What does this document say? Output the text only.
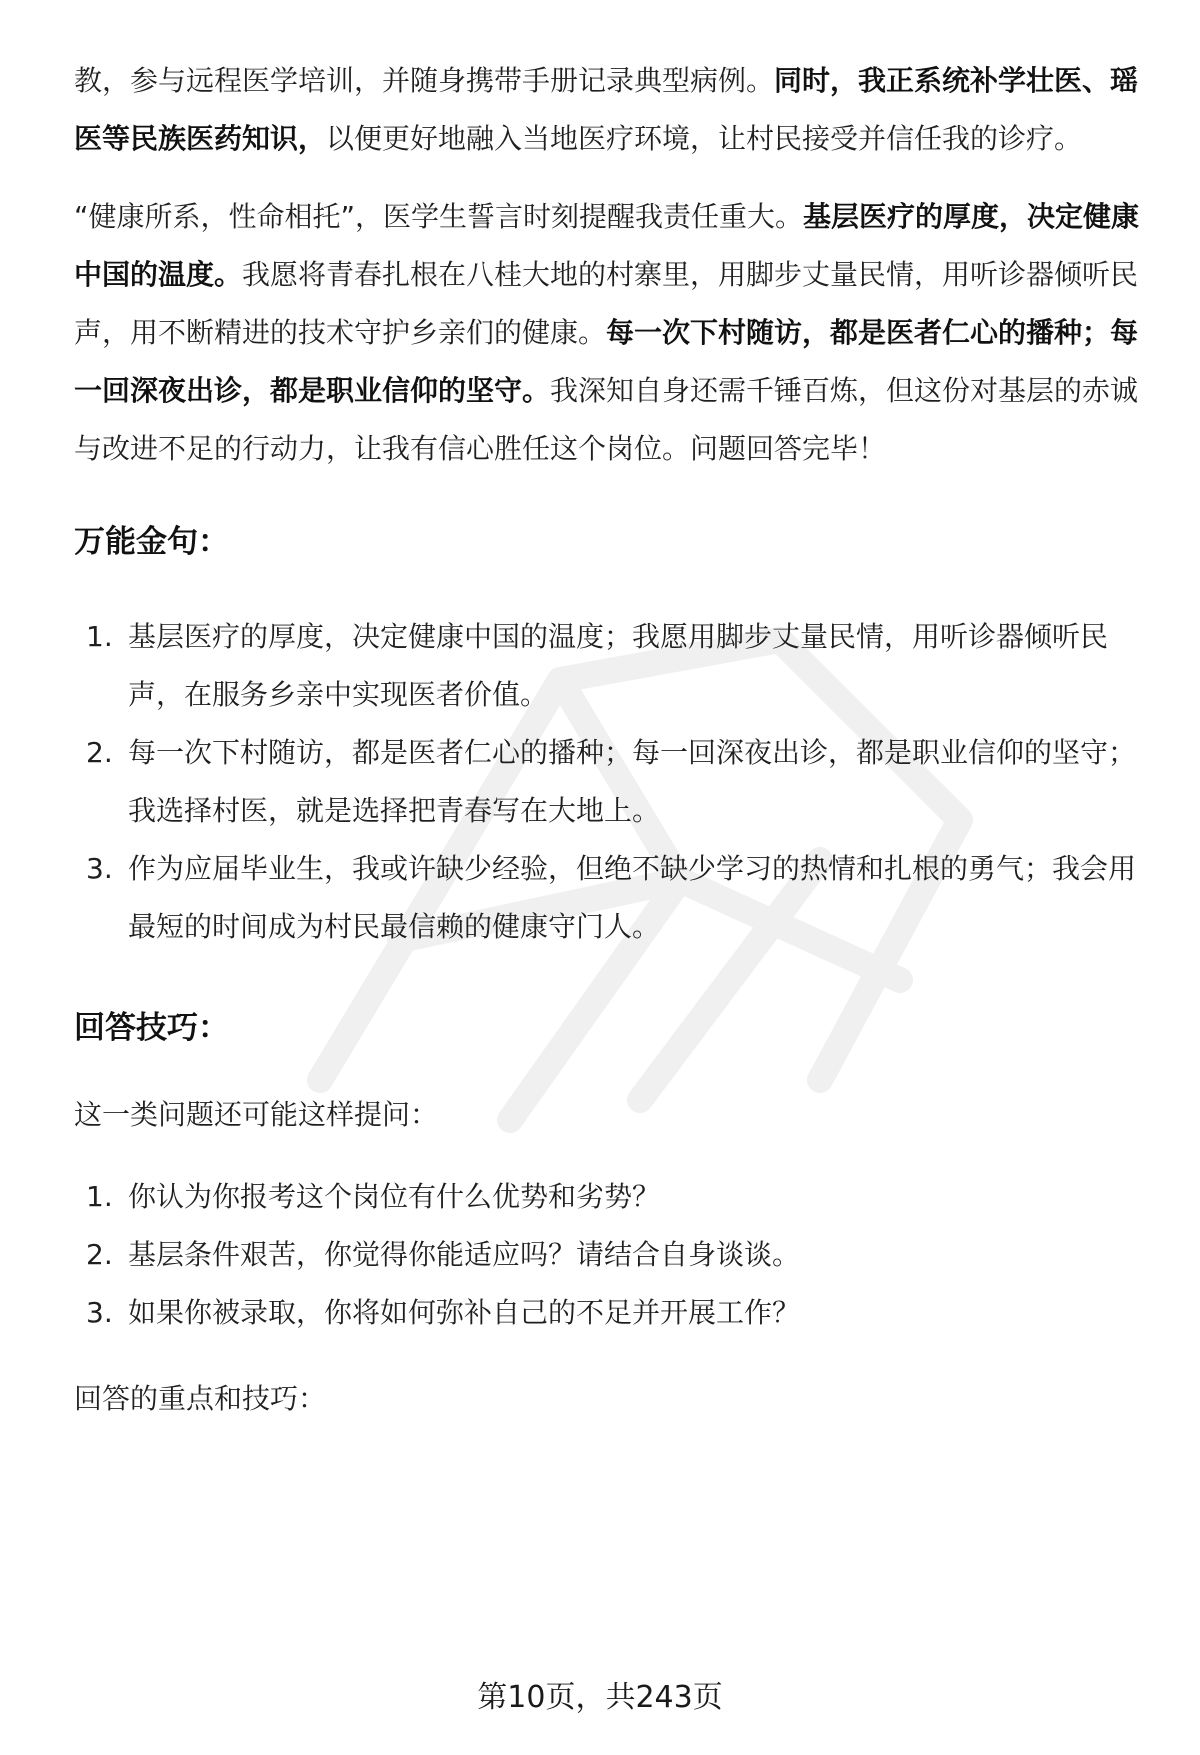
教，参与远程医学培训，并随身携带手册记录典型病例。同时，我正系统补学壮医、瑶医等民族医药知识，以便更好地融入当地医疗环境，让村民接受并信任我的诊疗。

“健康所系，性命相托”，医学生誓言时刻提醒我责任重大。基层医疗的厚度，决定健康中国的温度。我愿将青春扎根在八桂大地的村寨里，用脚步丈量民情，用听诊器倾听民声，用不断精进的技术守护乡亲们的健康。每一次下村随访，都是医者仁心的播种；每一回深夜出诊，都是职业信仰的坚守。我深知自身还需千锤百炼，但这份对基层的赤诚与改进不足的行动力，让我有信心胜任这个岗位。问题回答完毕！

万能金句：
1. 基层医疗的厚度，决定健康中国的温度；我愿用脚步丈量民情，用听诊器倾听民声，在服务乡亲中实现医者价值。
2. 每一次下村随访，都是医者仁心的播种；每一回深夜出诊，都是职业信仰的坚守；我选择村医，就是选择把青春写在大地上。
3. 作为应届毕业生，我或许缺少经验，但绝不缺少学习的热情和扎根的勇气；我会用最短的时间成为村民最信赖的健康守门人。
回答技巧：

这一类问题还可能这样提问：

1. 你认为你报考这个岗位有什么优势和劣势？
2. 基层条件艰苦，你觉得你能适应吗？请结合自身谈谈。
3. 如果你被录取，你将如何弥补自己的不足并开展工作？

回答的重点和技巧：

第10页，共243页
